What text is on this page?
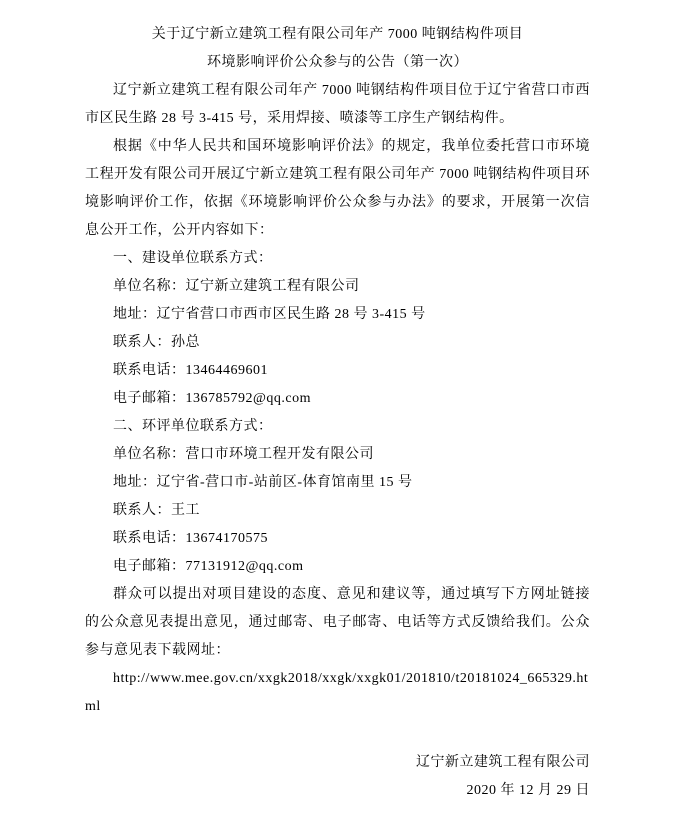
关于辽宁新立建筑工程有限公司年产 7000 吨钢结构件项目
环境影响评价公众参与的公告（第一次）
辽宁新立建筑工程有限公司年产 7000 吨钢结构件项目位于辽宁省营口市西市区民生路 28 号 3-415 号，采用焊接、喷漆等工序生产钢结构件。
根据《中华人民共和国环境影响评价法》的规定，我单位委托营口市环境工程开发有限公司开展辽宁新立建筑工程有限公司年产 7000 吨钢结构件项目环境影响评价工作，依据《环境影响评价公众参与办法》的要求，开展第一次信息公开工作，公开内容如下：
一、建设单位联系方式：
单位名称：辽宁新立建筑工程有限公司
地址：辽宁省营口市西市区民生路 28 号 3-415 号
联系人：孙总
联系电话：13464469601
电子邮箱：136785792@qq.com
二、环评单位联系方式：
单位名称：营口市环境工程开发有限公司
地址：辽宁省-营口市-站前区-体育馆南里 15 号
联系人：王工
联系电话：13674170575
电子邮箱：77131912@qq.com
群众可以提出对项目建设的态度、意见和建议等，通过填写下方网址链接的公众意见表提出意见，通过邮寄、电子邮寄、电话等方式反馈给我们。公众参与意见表下载网址：
http://www.mee.gov.cn/xxgk2018/xxgk/xxgk01/201810/t20181024_665329.html
辽宁新立建筑工程有限公司
2020 年 12 月 29 日
